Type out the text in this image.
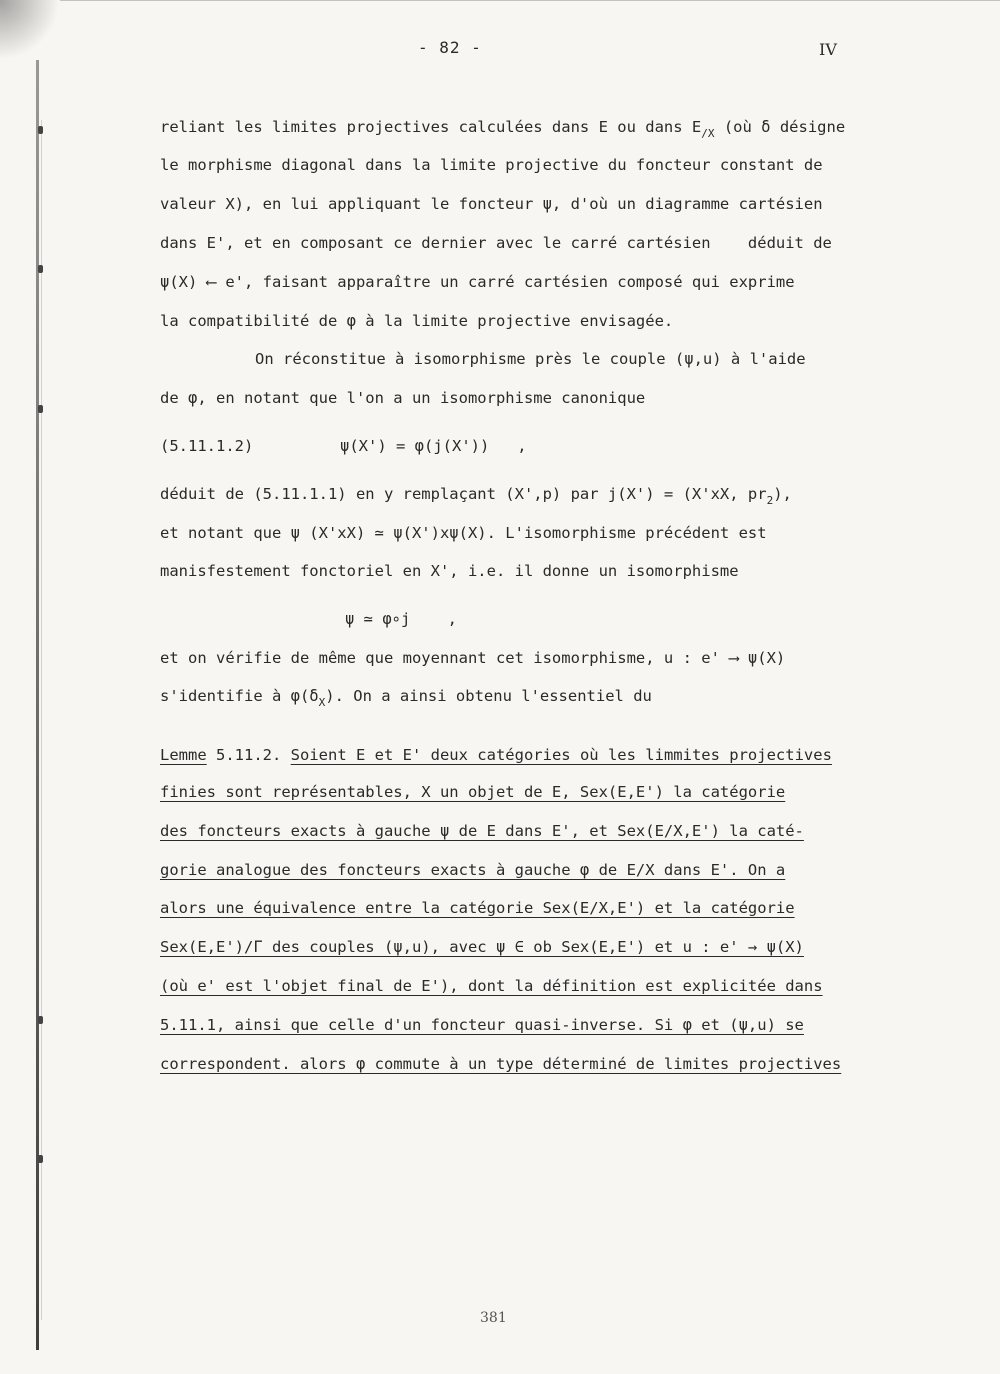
- 82 -	IV
reliant les limites projectives calculées dans E ou dans $E_{/X}$ (où δ désigne
le morphisme diagonal dans la limite projective du foncteur constant de
valeur X), en lui appliquant le foncteur ψ, d'où un diagramme cartésien
dans E', et en composant ce dernier avec le carré cartésien    déduit de
ψ(X) ⟵ e', faisant apparaître un carré cartésien composé qui exprime
la compatibilité de φ à la limite projective envisagée.
On réconstitue à isomorphisme près le couple (ψ,u) à l'aide
de φ, en notant que l'on a un isomorphisme canonique
(5.11.1.2)	ψ(X') = φ(j(X'))   ,
déduit de (5.11.1.1) en y remplaçant (X',p) par j(X') = (X'xX, $pr_2$),
et notant que ψ (X'xX) ≃ ψ(X')xψ(X). L'isomorphisme précédent est
manisfestement fonctoriel en X', i.e. il donne un isomorphisme
ψ ≃ φ∘j    ,
et on vérifie de même que moyennant cet isomorphisme, u : e' ⟶ ψ(X)
s'identifie à $\varphi(\delta_X)$. On a ainsi obtenu l'essentiel du
Lemme 5.11.2. Soient E et E' deux catégories où les limmites projectives
finies sont représentables, X un objet de E, Sex(E,E') la catégorie
des foncteurs exacts à gauche ψ de E dans E', et Sex(E/X,E') la caté-
gorie analogue des foncteurs exacts à gauche φ de E/X dans E'. On a
alors une équivalence entre la catégorie Sex(E/X,E') et la catégorie
Sex(E,E')/Γ des couples (ψ,u), avec ψ ∈ ob Sex(E,E') et u : e' → ψ(X)
(où e' est l'objet final de E'), dont la définition est explicitée dans
5.11.1, ainsi que celle d'un foncteur quasi-inverse. Si φ et (ψ,u) se
correspondent. alors φ commute à un type déterminé de limites projectives
381
